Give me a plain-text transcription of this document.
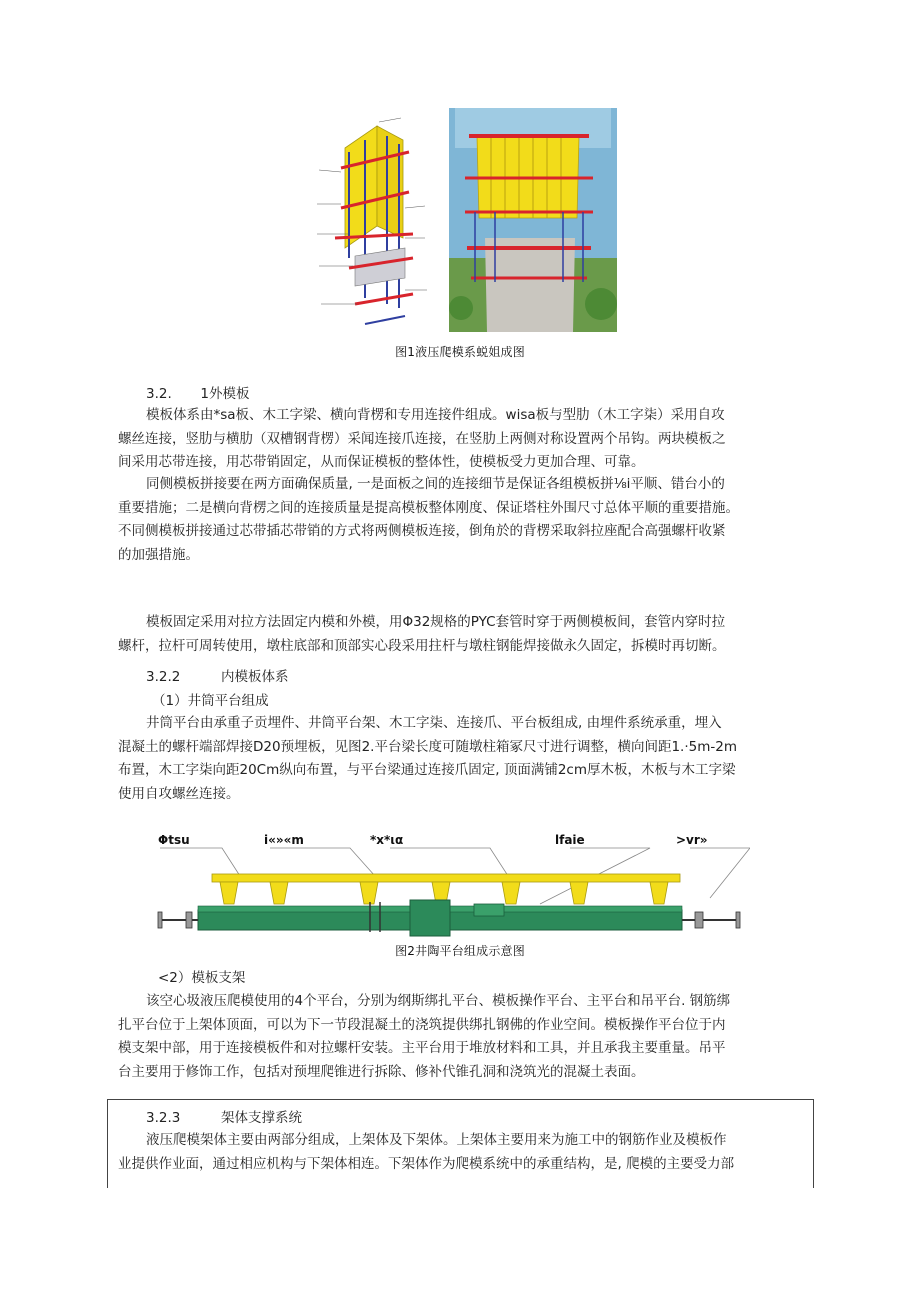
图1液压爬模系蜕姐成图
3.2. 1外模板
模板体系由*sa板、木工字梁、横向背楞和专用连接件组成。wisa板与型肋（木工字柒）采用自攻
螺丝连接，竖肋与横肋（双槽钢背楞）采闻连接爪连接，在竖肋上两侧对称设置两个吊钩。两块模板之
间采用芯带连接，用芯带销固定，从而保证模板的整体性，使模板受力更加合理、可靠。
同侧模板拼接要在两方面确保质量, 一是面板之间的连接细节是保证各组模板拼⅛i平顺、错台小的
重要措施；二是横向背楞之间的连接质量是提高模板整体刚度、保证塔柱外围尺寸总体平顺的重要措施。
不同侧模板拼接通过芯带插芯带销的方式将两侧模板连接，倒角於的背楞采取斜拉座配合高强螺杆收紧
的加强措施。
模板固定采用对拉方法固定内模和外模，用Φ32规格的PYC套管时穿于两侧模板间，套管内穿时拉
螺杆，拉杆可周转使用，墩柱底部和顶部实心段采用拄杆与墩柱钢能焊接做永久固定，拆模时再切断。
3.2.2	内模板体系
（1）井筒平台组成
井筒平台由承重子贡埋件、井筒平台架、木工字柒、连接爪、平台板组成, 由埋件系统承重，埋入
混凝土的螺杆端部焊接D20预埋板，见图2.平台梁长度可随墩柱箱冢尺寸进行调整，横向间距1.·5m-2m
布置，木工字柒向距20Cm纵向布置，与平台梁通过连接爪固定, 顶面满铺2cm厚木板，木板与木工字梁
使用自攻螺丝连接。
Φtsu	i«»«m	*x*ια	lfaie	>vr»
图2井陶平台组成示意图
<2）模板支架
该空心圾液压爬模使用的4个平台，分别为纲斯绑扎平台、模板操作平台、主平台和吊平台. 钢筋绑
扎平台位于上架体顶面，可以为下一节段混凝土的浇筑提供绑扎钢佛的作业空间。模板操作平台位于内
模支架中部，用于连接模板件和对拉螺杆安装。主平台用于堆放材料和工具，并且承我主要重量。吊平
台主要用于修饰工作，包括对预埋爬锥进行拆除、修补代锥孔洞和浇筑光的混凝土表面。
3.2.3	架体支撑系统
液压爬模架体主要由两部分组成，上架体及下架体。上架体主要用来为施工中的钢筋作业及模板作
业提供作业面，通过相应机构与下架体相连。下架体作为爬模系统中的承重结构，是, 爬模的主要受力部
